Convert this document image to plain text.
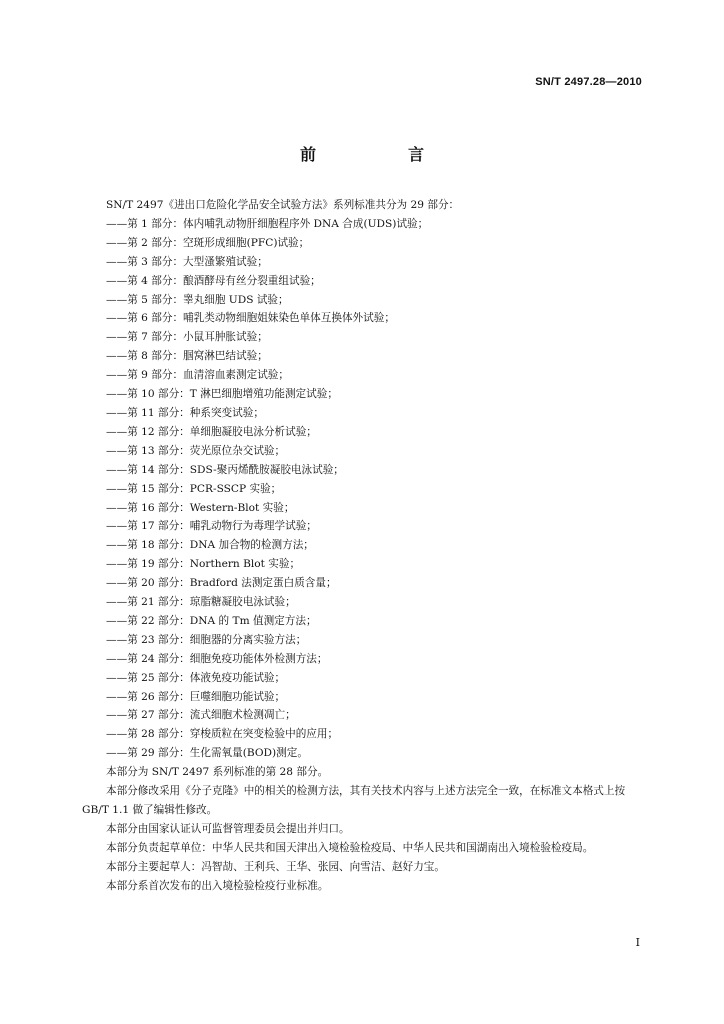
SN/T 2497.28—2010
前　言
SN/T 2497《进出口危险化学品安全试验方法》系列标准共分为 29 部分：
——第 1 部分：体内哺乳动物肝细胞程序外 DNA 合成(UDS)试验；
——第 2 部分：空斑形成细胞(PFC)试验；
——第 3 部分：大型溞繁殖试验；
——第 4 部分：酿酒酵母有丝分裂重组试验；
——第 5 部分：睾丸细胞 UDS 试验；
——第 6 部分：哺乳类动物细胞姐妹染色单体互换体外试验；
——第 7 部分：小鼠耳肿胀试验；
——第 8 部分：腘窝淋巴结试验；
——第 9 部分：血清溶血素测定试验；
——第 10 部分：T 淋巴细胞增殖功能测定试验；
——第 11 部分：种系突变试验；
——第 12 部分：单细胞凝胶电泳分析试验；
——第 13 部分：荧光原位杂交试验；
——第 14 部分：SDS-聚丙烯酰胺凝胶电泳试验；
——第 15 部分：PCR-SSCP 实验；
——第 16 部分：Western-Blot 实验；
——第 17 部分：哺乳动物行为毒理学试验；
——第 18 部分：DNA 加合物的检测方法；
——第 19 部分：Northern Blot 实验；
——第 20 部分：Bradford 法测定蛋白质含量；
——第 21 部分：琼脂糖凝胶电泳试验；
——第 22 部分：DNA 的 Tm 值测定方法；
——第 23 部分：细胞器的分离实验方法；
——第 24 部分：细胞免疫功能体外检测方法；
——第 25 部分：体液免疫功能试验；
——第 26 部分：巨噬细胞功能试验；
——第 27 部分：流式细胞术检测凋亡；
——第 28 部分：穿梭质粒在突变检验中的应用；
——第 29 部分：生化需氧量(BOD)测定。
本部分为 SN/T 2497 系列标准的第 28 部分。
本部分修改采用《分子克隆》中的相关的检测方法，其有关技术内容与上述方法完全一致，在标准文本格式上按 GB/T 1.1 做了编辑性修改。
本部分由国家认证认可监督管理委员会提出并归口。
本部分负责起草单位：中华人民共和国天津出入境检验检疫局、中华人民共和国湖南出入境检验检疫局。
本部分主要起草人：冯智劼、王利兵、王华、张园、向雪洁、赵好力宝。
本部分系首次发布的出入境检验检疫行业标准。
I
